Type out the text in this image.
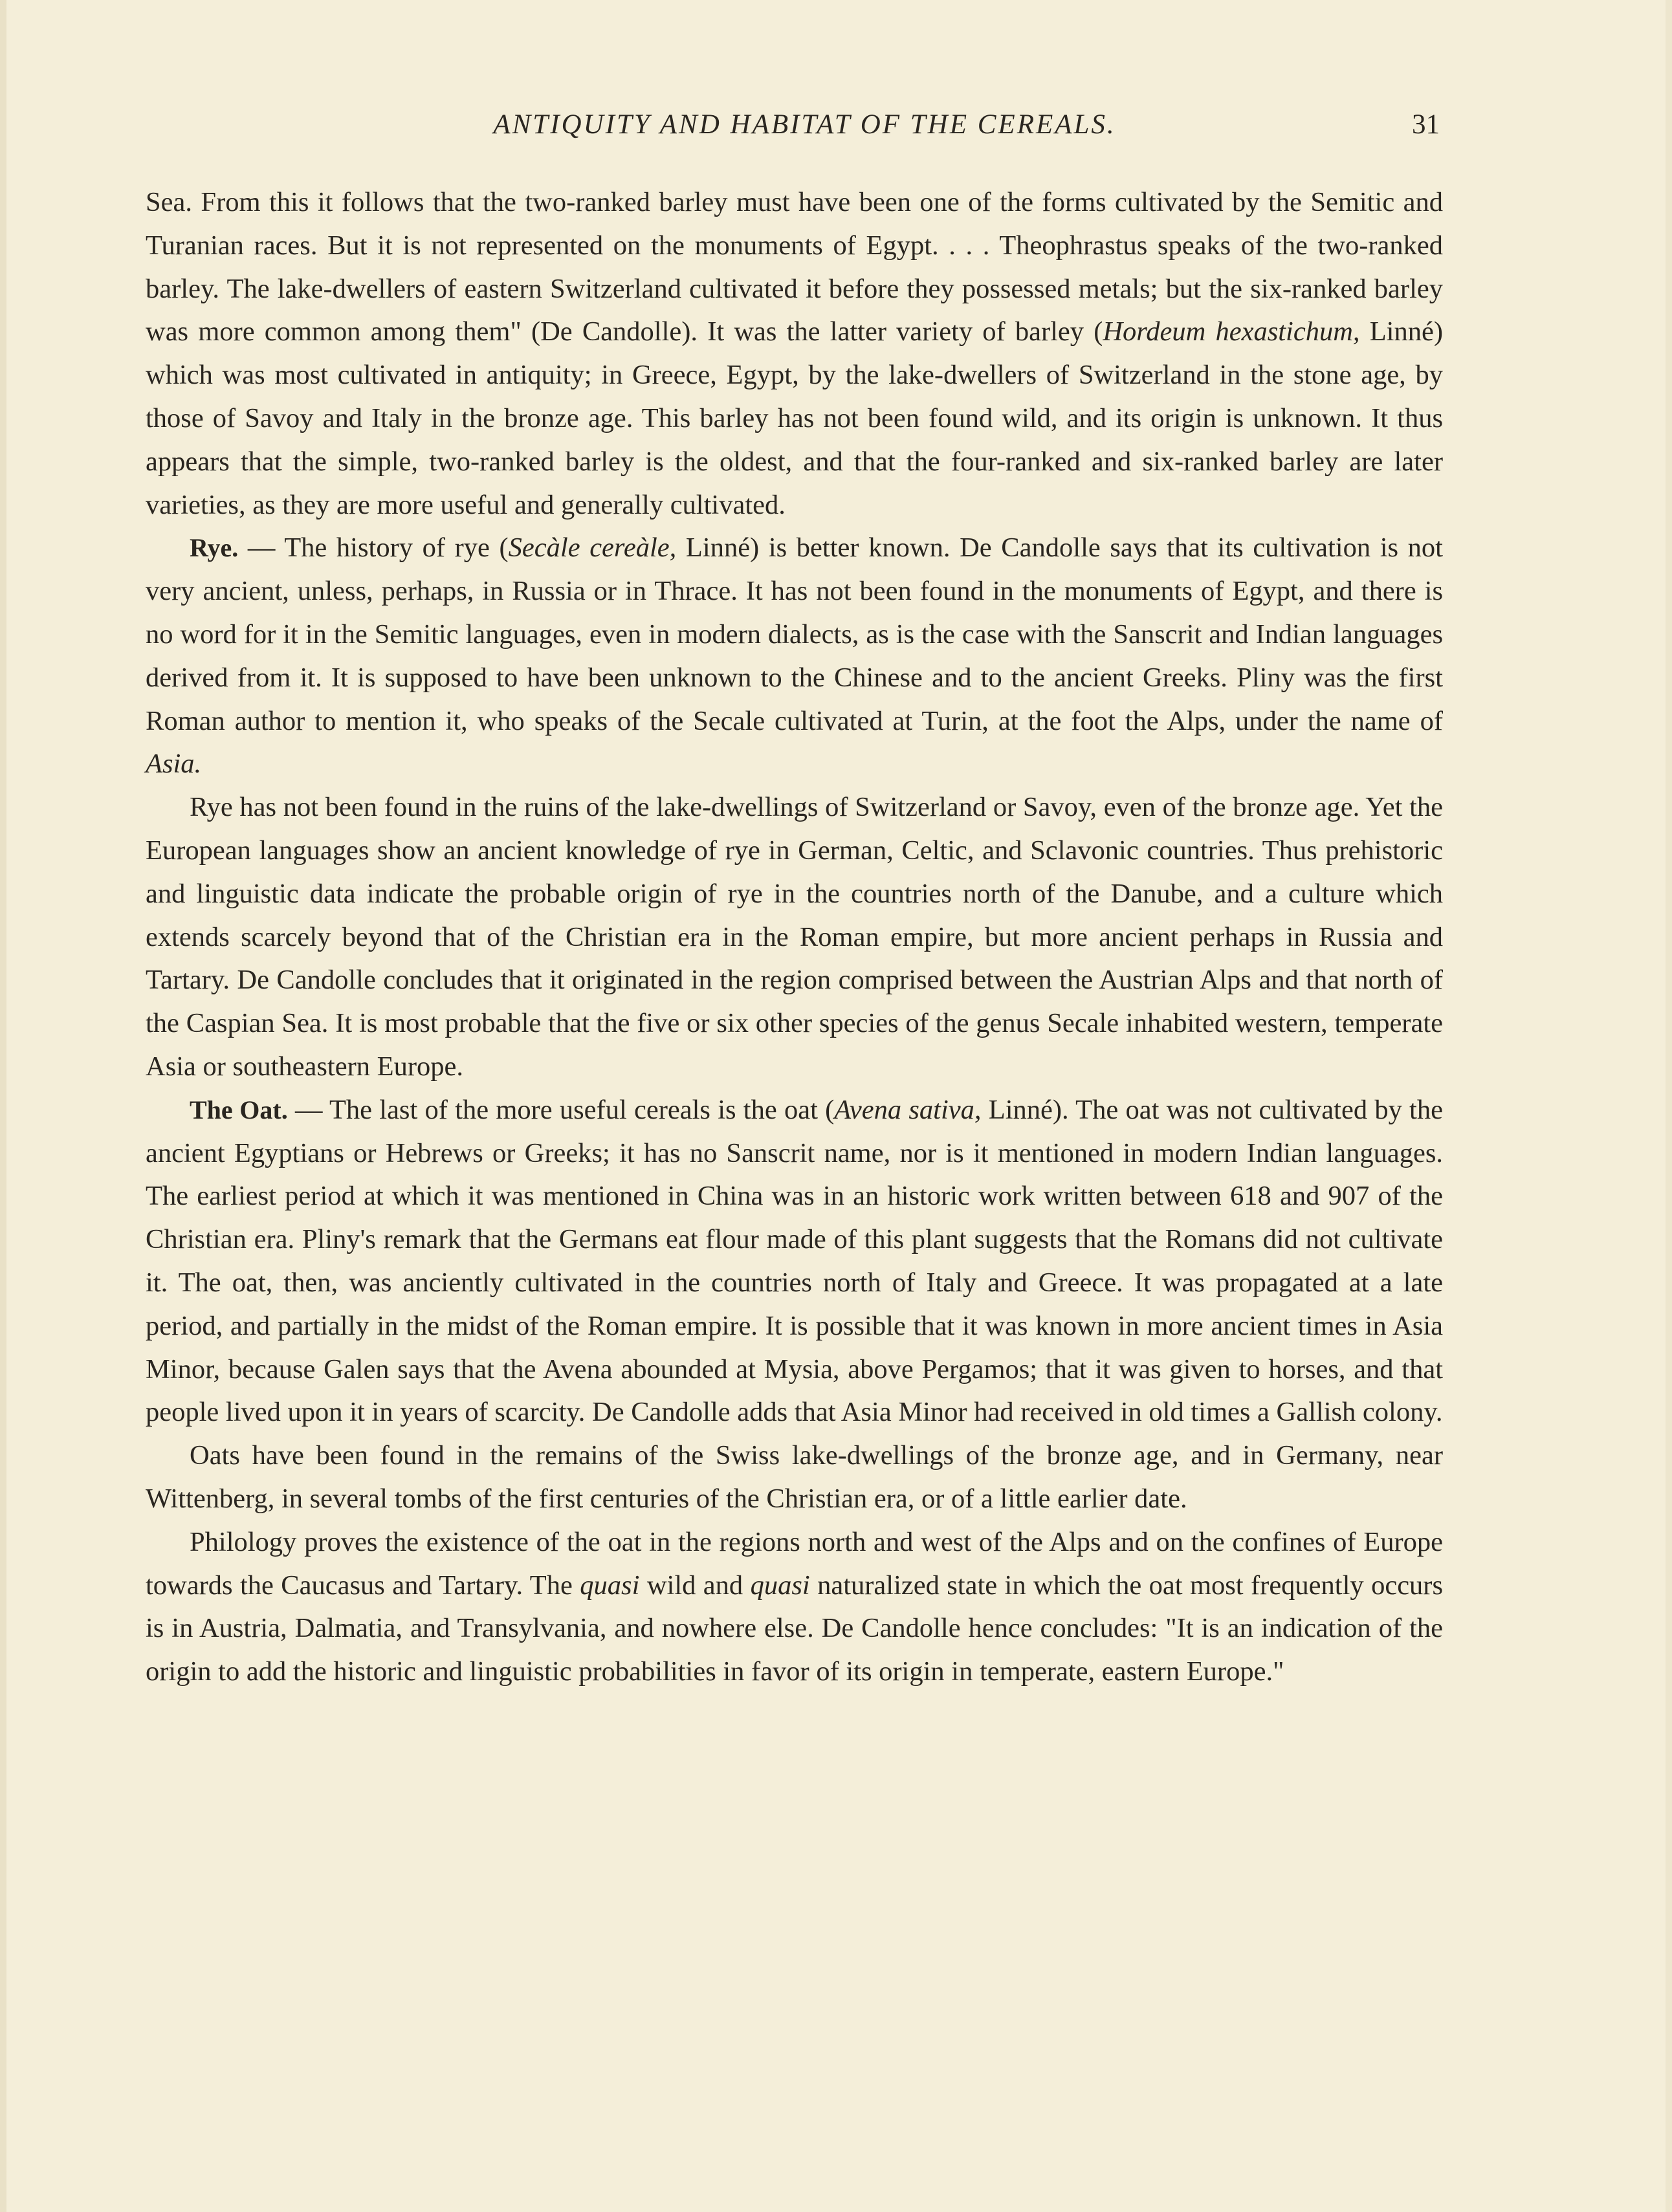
ANTIQUITY AND HABITAT OF THE CEREALS.	31

Sea. From this it follows that the two-ranked barley must have been one of the forms cultivated by the Semitic and Turanian races. But it is not represented on the monuments of Egypt. . . . Theophrastus speaks of the two-ranked barley. The lake-dwellers of eastern Switzerland cultivated it before they possessed metals; but the six-ranked barley was more common among them" (De Candolle). It was the latter variety of barley (Hordeum hexastichum, Linné) which was most cultivated in antiquity; in Greece, Egypt, by the lake-dwellers of Switzerland in the stone age, by those of Savoy and Italy in the bronze age. This barley has not been found wild, and its origin is unknown. It thus appears that the simple, two-ranked barley is the oldest, and that the four-ranked and six-ranked barley are later varieties, as they are more useful and generally cultivated.

Rye. — The history of rye (Secàle cereàle, Linné) is better known. De Candolle says that its cultivation is not very ancient, unless, perhaps, in Russia or in Thrace. It has not been found in the monuments of Egypt, and there is no word for it in the Semitic languages, even in modern dialects, as is the case with the Sanscrit and Indian languages derived from it. It is supposed to have been unknown to the Chinese and to the ancient Greeks. Pliny was the first Roman author to mention it, who speaks of the Secale cultivated at Turin, at the foot the Alps, under the name of Asia.

Rye has not been found in the ruins of the lake-dwellings of Switzerland or Savoy, even of the bronze age. Yet the European languages show an ancient knowledge of rye in German, Celtic, and Sclavonic countries. Thus prehistoric and linguistic data indicate the probable origin of rye in the countries north of the Danube, and a culture which extends scarcely beyond that of the Christian era in the Roman empire, but more ancient perhaps in Russia and Tartary. De Candolle concludes that it originated in the region comprised between the Austrian Alps and that north of the Caspian Sea. It is most probable that the five or six other species of the genus Secale inhabited western, temperate Asia or southeastern Europe.

The Oat. — The last of the more useful cereals is the oat (Avena sativa, Linné). The oat was not cultivated by the ancient Egyptians or Hebrews or Greeks; it has no Sanscrit name, nor is it mentioned in modern Indian languages. The earliest period at which it was mentioned in China was in an historic work written between 618 and 907 of the Christian era. Pliny's remark that the Germans eat flour made of this plant suggests that the Romans did not cultivate it. The oat, then, was anciently cultivated in the countries north of Italy and Greece. It was propagated at a late period, and partially in the midst of the Roman empire. It is possible that it was known in more ancient times in Asia Minor, because Galen says that the Avena abounded at Mysia, above Pergamos; that it was given to horses, and that people lived upon it in years of scarcity. De Candolle adds that Asia Minor had received in old times a Gallish colony.

Oats have been found in the remains of the Swiss lake-dwellings of the bronze age, and in Germany, near Wittenberg, in several tombs of the first centuries of the Christian era, or of a little earlier date.

Philology proves the existence of the oat in the regions north and west of the Alps and on the confines of Europe towards the Caucasus and Tartary. The quasi wild and quasi naturalized state in which the oat most frequently occurs is in Austria, Dalmatia, and Transylvania, and nowhere else. De Candolle hence concludes: "It is an indication of the origin to add the historic and linguistic probabilities in favor of its origin in temperate, eastern Europe."
